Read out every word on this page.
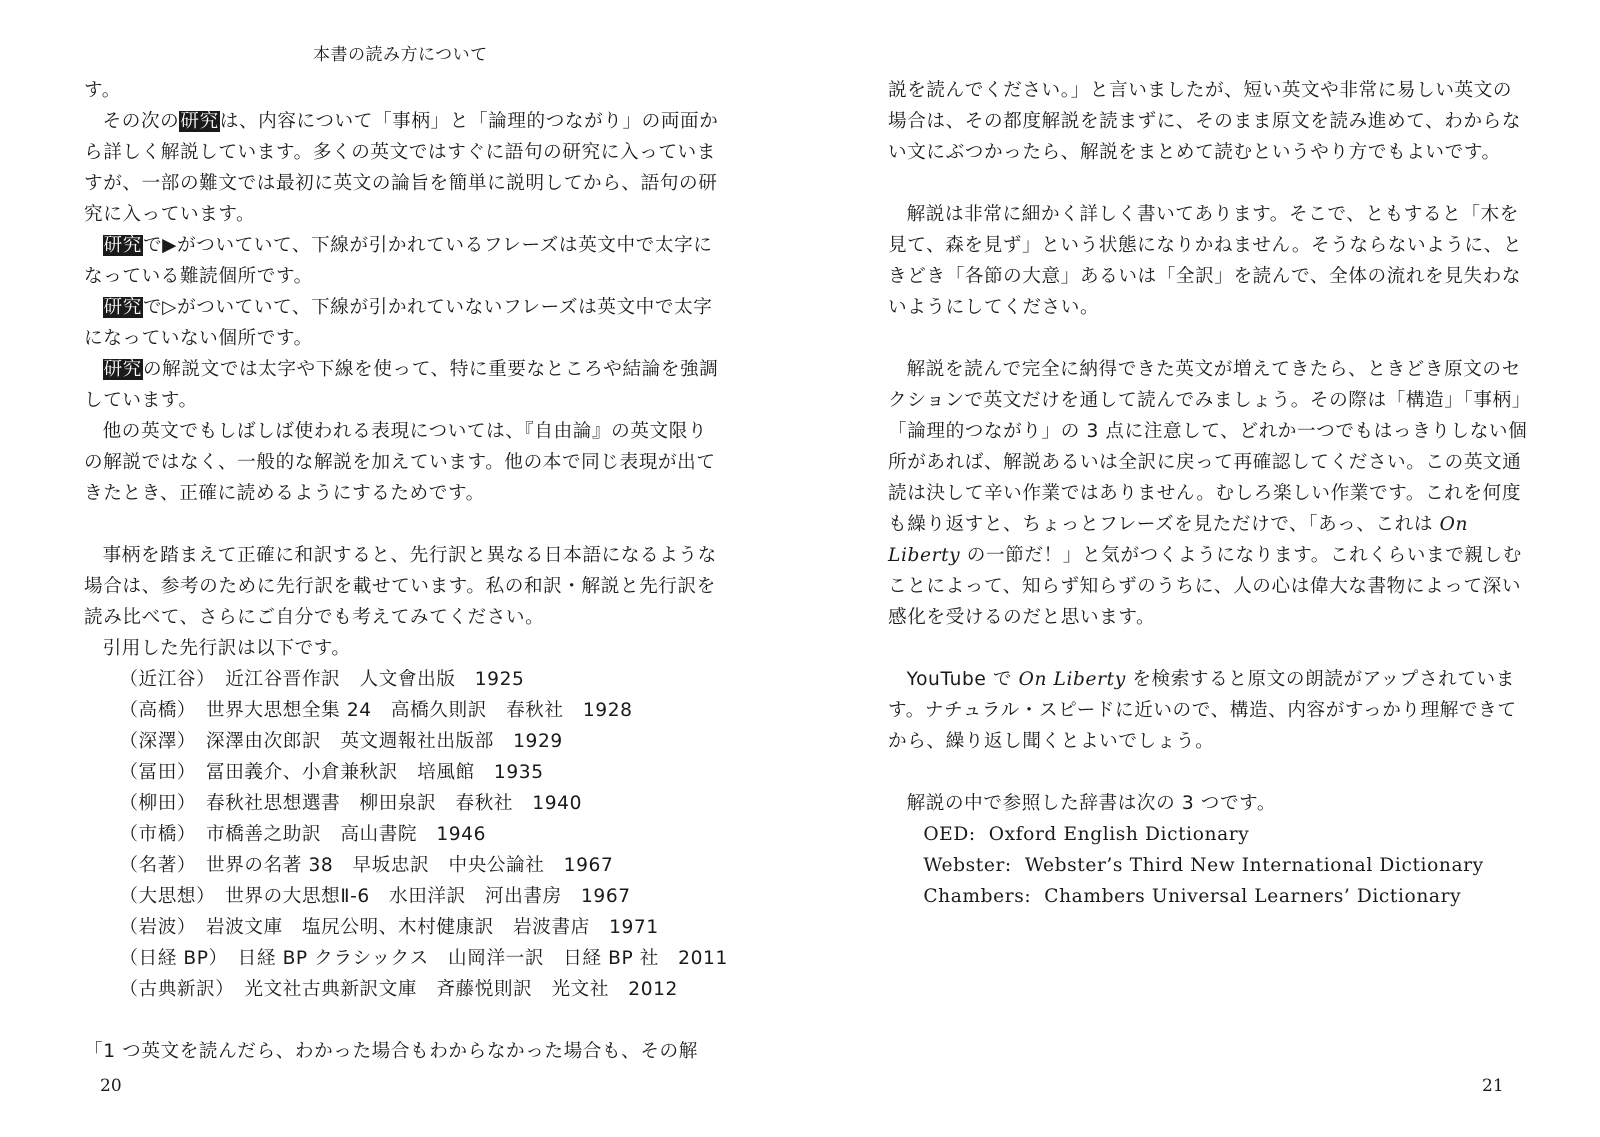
本書の読み方について

す。

その次の研究は、内容について「事柄」と「論理的つながり」の両面から詳しく解説しています。多くの英文ではすぐに語句の研究に入っていますが、一部の難文では最初に英文の論旨を簡単に説明してから、語句の研究に入っています。

研究で▶がついていて、下線が引かれているフレーズは英文中で太字になっている難読個所です。

研究で▷がついていて、下線が引かれていないフレーズは英文中で太字になっていない個所です。

研究の解説文では太字や下線を使って、特に重要なところや結論を強調しています。

他の英文でもしばしば使われる表現については、『自由論』の英文限りの解説ではなく、一般的な解説を加えています。他の本で同じ表現が出てきたとき、正確に読めるようにするためです。

事柄を踏まえて正確に和訳すると、先行訳と異なる日本語になるような場合は、参考のために先行訳を載せています。私の和訳・解説と先行訳を読み比べて、さらにご自分でも考えてみてください。

引用した先行訳は以下です。

（近江谷）　近江谷晋作訳　人文會出版　1925
（高橋）　世界大思想全集 24　高橋久則訳　春秋社　1928
（深澤）　深澤由次郎訳　英文週報社出版部　1929
（冨田）　冨田義介、小倉兼秋訳　培風館　1935
（柳田）　春秋社思想選書　柳田泉訳　春秋社　1940
（市橋）　市橋善之助訳　高山書院　1946
（名著）　世界の名著 38　早坂忠訳　中央公論社　1967
（大思想）　世界の大思想Ⅱ-6　水田洋訳　河出書房　1967
（岩波）　岩波文庫　塩尻公明、木村健康訳　岩波書店　1971
（日経 BP）　日経 BP クラシックス　山岡洋一訳　日経 BP 社　2011
（古典新訳）　光文社古典新訳文庫　斉藤悦則訳　光文社　2012

「1 つ英文を読んだら、わかった場合もわからなかった場合も、その解

20

説を読んでください。」と言いましたが、短い英文や非常に易しい英文の場合は、その都度解説を読まずに、そのまま原文を読み進めて、わからない文にぶつかったら、解説をまとめて読むというやり方でもよいです。

解説は非常に細かく詳しく書いてあります。そこで、ともすると「木を見て、森を見ず」という状態になりかねません。そうならないように、ときどき「各節の大意」あるいは「全訳」を読んで、全体の流れを見失わないようにしてください。

解説を読んで完全に納得できた英文が増えてきたら、ときどき原文のセクションで英文だけを通して読んでみましょう。その際は「構造」「事柄」「論理的つながり」の 3 点に注意して、どれか一つでもはっきりしない個所があれば、解説あるいは全訳に戻って再確認してください。この英文通読は決して辛い作業ではありません。むしろ楽しい作業です。これを何度も繰り返すと、ちょっとフレーズを見ただけで、「あっ、これは On Liberty の一節だ！」と気がつくようになります。これくらいまで親しむことによって、知らず知らずのうちに、人の心は偉大な書物によって深い感化を受けるのだと思います。

YouTube で On Liberty を検索すると原文の朗読がアップされています。ナチュラル・スピードに近いので、構造、内容がすっかり理解できてから、繰り返し聞くとよいでしょう。

解説の中で参照した辞書は次の 3 つです。

OED:  Oxford English Dictionary
Webster:  Webster’s Third New International Dictionary
Chambers:  Chambers Universal Learners’ Dictionary
21
